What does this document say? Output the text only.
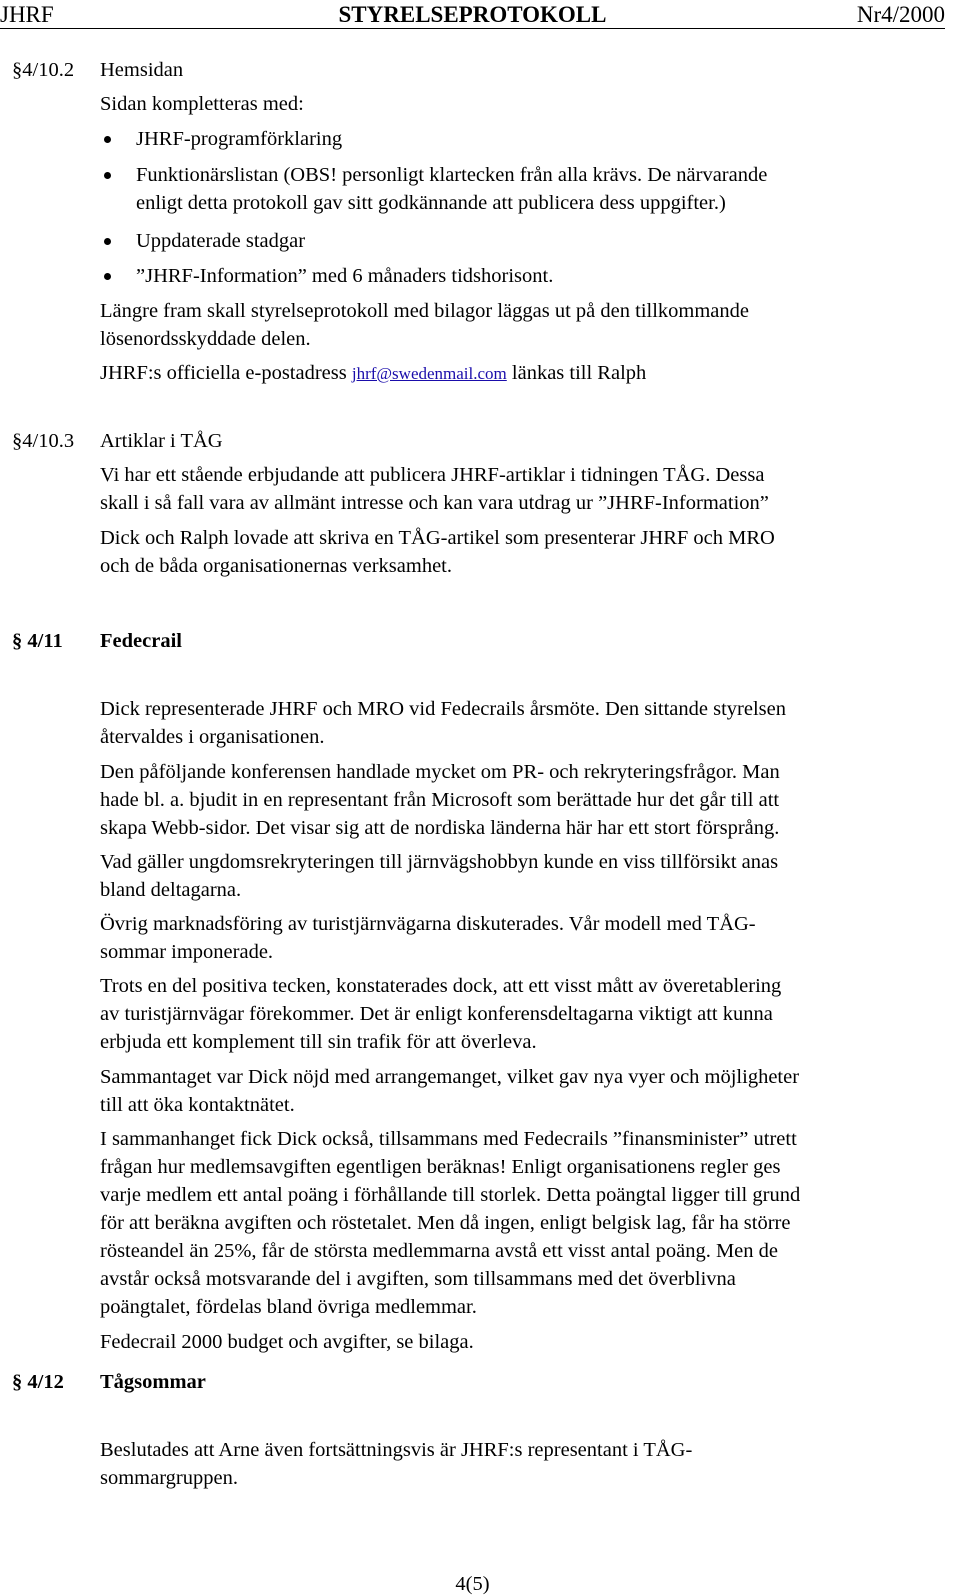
JHRF	STYRELSEPROTOKOLL	Nr4/2000
§4/10.2 Hemsidan
Sidan kompletteras med:
JHRF-programförklaring
Funktionärslistan (OBS! personligt klartecken från alla krävs. De närvarande
enligt detta protokoll gav sitt godkännande att publicera dess uppgifter.)
Uppdaterade stadgar
”JHRF-Information” med 6 månaders tidshorisont.
Längre fram skall styrelseprotokoll med bilagor läggas ut på den tillkommande
lösenordsskyddade delen.
JHRF:s officiella e-postadress jhrf@swedenmail.com länkas till Ralph
§4/10.3 Artiklar i TÅG
Vi har ett stående erbjudande att publicera JHRF-artiklar i tidningen TÅG. Dessa
skall i så fall vara av allmänt intresse och kan vara utdrag ur ”JHRF-Information”
Dick och Ralph lovade att skriva en TÅG-artikel som presenterar JHRF och MRO
och de båda organisationernas verksamhet.
§ 4/11 Fedecrail
Dick representerade JHRF och MRO vid Fedecrails årsmöte. Den sittande styrelsen
återvaldes i organisationen.
Den påföljande konferensen handlade mycket om PR- och rekryteringsfrågor. Man
hade bl. a. bjudit in en representant från Microsoft som berättade hur det går till att
skapa Webb-sidor. Det visar sig att de nordiska länderna här har ett stort försprång.
Vad gäller ungdomsrekryteringen till järnvägshobbyn kunde en viss tillförsikt anas
bland deltagarna.
Övrig marknadsföring av turistjärnvägarna diskuterades. Vår modell med TÅG-
sommar imponerade.
Trots en del positiva tecken, konstaterades dock, att ett visst mått av överetablering
av turistjärnvägar förekommer. Det är enligt konferensdeltagarna viktigt att kunna
erbjuda ett komplement till sin trafik för att överleva.
Sammantaget var Dick nöjd med arrangemanget, vilket gav nya vyer och möjligheter
till att öka kontaktnätet.
I sammanhanget fick Dick också, tillsammans med Fedecrails ”finansminister” utrett
frågan hur medlemsavgiften egentligen beräknas! Enligt organisationens regler ges
varje medlem ett antal poäng i förhållande till storlek. Detta poängtal ligger till grund
för att beräkna avgiften och röstetalet. Men då ingen, enligt belgisk lag, får ha större
rösteandel än 25%, får de största medlemmarna avstå ett visst antal poäng. Men de
avstår också motsvarande del i avgiften, som tillsammans med det överblivna
poängtalet, fördelas bland övriga medlemmar.
Fedecrail 2000 budget och avgifter, se bilaga.
§ 4/12 Tågsommar
Beslutades att Arne även fortsättningsvis är JHRF:s representant i TÅG-
sommargruppen.
4(5)
